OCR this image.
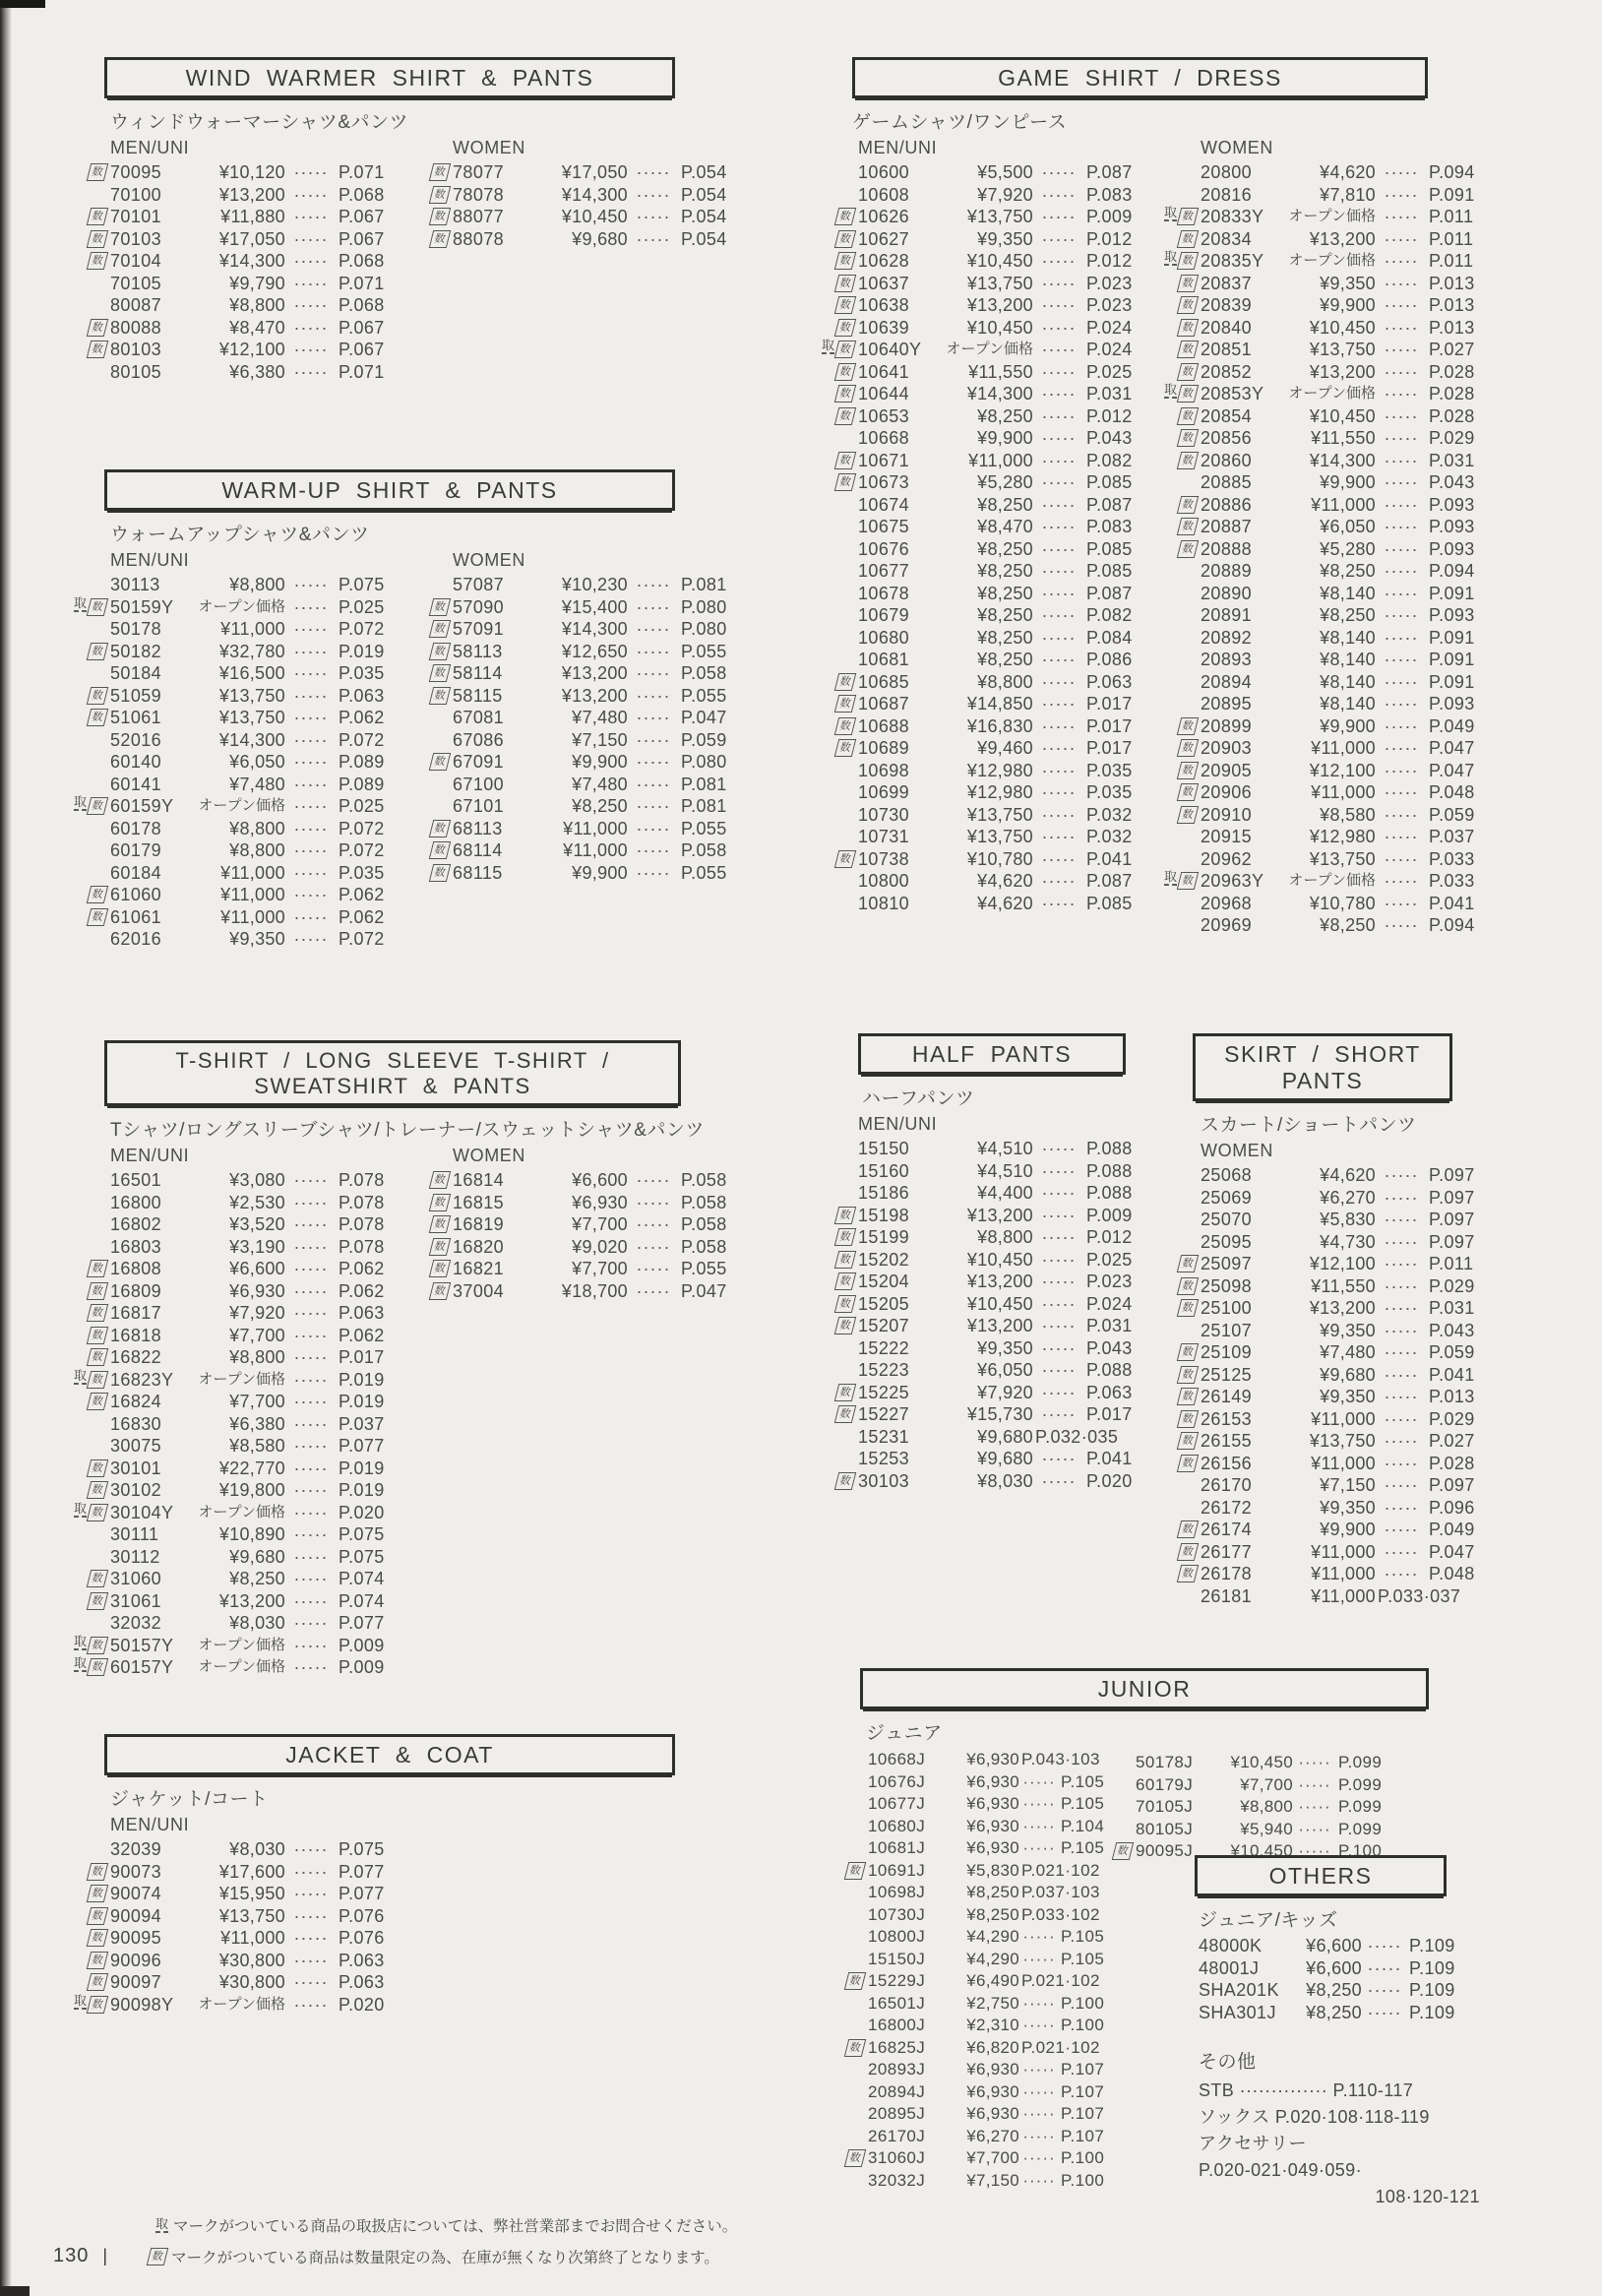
WIND WARMER SHIRT & PANTS
ウィンドウォーマーシャツ&パンツ
MEN/UNI
数 70095	¥10,120 ····· P.071
70100	¥13,200 ····· P.068
数 70101	¥11,880 ····· P.067
数 70103	¥17,050 ····· P.067
数 70104	¥14,300 ····· P.068
70105	¥9,790 ····· P.071
80087	¥8,800 ····· P.068
数 80088	¥8,470 ····· P.067
数 80103	¥12,100 ····· P.067
80105	¥6,380 ····· P.071
WOMEN
数 78077	¥17,050 ····· P.054
数 78078	¥14,300 ····· P.054
数 88077	¥10,450 ····· P.054
数 88078	¥9,680 ····· P.054
WARM-UP SHIRT & PANTS
ウォームアップシャツ&パンツ
MEN/UNI
30113	¥8,800 ····· P.075
取 数 50159Y	オープン価格 ····· P.025
50178	¥11,000 ····· P.072
数 50182	¥32,780 ····· P.019
50184	¥16,500 ····· P.035
数 51059	¥13,750 ····· P.063
数 51061	¥13,750 ····· P.062
52016	¥14,300 ····· P.072
60140	¥6,050 ····· P.089
60141	¥7,480 ····· P.089
取 数 60159Y	オープン価格 ····· P.025
60178	¥8,800 ····· P.072
60179	¥8,800 ····· P.072
60184	¥11,000 ····· P.035
数 61060	¥11,000 ····· P.062
数 61061	¥11,000 ····· P.062
62016	¥9,350 ····· P.072
WOMEN
57087	¥10,230 ····· P.081
数 57090	¥15,400 ····· P.080
数 57091	¥14,300 ····· P.080
数 58113	¥12,650 ····· P.055
数 58114	¥13,200 ····· P.058
数 58115	¥13,200 ····· P.055
67081	¥7,480 ····· P.047
67086	¥7,150 ····· P.059
数 67091	¥9,900 ····· P.080
67100	¥7,480 ····· P.081
67101	¥8,250 ····· P.081
数 68113	¥11,000 ····· P.055
数 68114	¥11,000 ····· P.058
数 68115	¥9,900 ····· P.055
T-SHIRT / LONG SLEEVE T-SHIRT / SWEATSHIRT & PANTS
Tシャツ/ロングスリーブシャツ/トレーナー/スウェットシャツ&パンツ
MEN/UNI
16501	¥3,080 ····· P.078
16800	¥2,530 ····· P.078
16802	¥3,520 ····· P.078
16803	¥3,190 ····· P.078
数 16808	¥6,600 ····· P.062
数 16809	¥6,930 ····· P.062
数 16817	¥7,920 ····· P.063
数 16818	¥7,700 ····· P.062
数 16822	¥8,800 ····· P.017
取 数 16823Y	オープン価格 ····· P.019
数 16824	¥7,700 ····· P.019
16830	¥6,380 ····· P.037
30075	¥8,580 ····· P.077
数 30101	¥22,770 ····· P.019
数 30102	¥19,800 ····· P.019
取 数 30104Y	オープン価格 ····· P.020
30111	¥10,890 ····· P.075
30112	¥9,680 ····· P.075
数 31060	¥8,250 ····· P.074
数 31061	¥13,200 ····· P.074
32032	¥8,030 ····· P.077
取 数 50157Y	オープン価格 ····· P.009
取 数 60157Y	オープン価格 ····· P.009
WOMEN
数 16814	¥6,600 ····· P.058
数 16815	¥6,930 ····· P.058
数 16819	¥7,700 ····· P.058
数 16820	¥9,020 ····· P.058
数 16821	¥7,700 ····· P.055
数 37004	¥18,700 ····· P.047
JACKET & COAT
ジャケット/コート
MEN/UNI
32039	¥8,030 ····· P.075
数 90073	¥17,600 ····· P.077
数 90074	¥15,950 ····· P.077
数 90094	¥13,750 ····· P.076
数 90095	¥11,000 ····· P.076
数 90096	¥30,800 ····· P.063
数 90097	¥30,800 ····· P.063
取 数 90098Y	オープン価格 ····· P.020
GAME SHIRT / DRESS
ゲームシャツ/ワンピース
MEN/UNI
10600	¥5,500 ····· P.087
10608	¥7,920 ····· P.083
数 10626	¥13,750 ····· P.009
数 10627	¥9,350 ····· P.012
数 10628	¥10,450 ····· P.012
数 10637	¥13,750 ····· P.023
数 10638	¥13,200 ····· P.023
数 10639	¥10,450 ····· P.024
取 数 10640Y	オープン価格 ····· P.024
数 10641	¥11,550 ····· P.025
数 10644	¥14,300 ····· P.031
数 10653	¥8,250 ····· P.012
10668	¥9,900 ····· P.043
数 10671	¥11,000 ····· P.082
数 10673	¥5,280 ····· P.085
10674	¥8,250 ····· P.087
10675	¥8,470 ····· P.083
10676	¥8,250 ····· P.085
10677	¥8,250 ····· P.085
10678	¥8,250 ····· P.087
10679	¥8,250 ····· P.082
10680	¥8,250 ····· P.084
10681	¥8,250 ····· P.086
数 10685	¥8,800 ····· P.063
数 10687	¥14,850 ····· P.017
数 10688	¥16,830 ····· P.017
数 10689	¥9,460 ····· P.017
10698	¥12,980 ····· P.035
10699	¥12,980 ····· P.035
10730	¥13,750 ····· P.032
10731	¥13,750 ····· P.032
数 10738	¥10,780 ····· P.041
10800	¥4,620 ····· P.087
10810	¥4,620 ····· P.085
WOMEN
20800	¥4,620 ····· P.094
20816	¥7,810 ····· P.091
取 数 20833Y	オープン価格 ····· P.011
数 20834	¥13,200 ····· P.011
取 数 20835Y	オープン価格 ····· P.011
数 20837	¥9,350 ····· P.013
数 20839	¥9,900 ····· P.013
数 20840	¥10,450 ····· P.013
数 20851	¥13,750 ····· P.027
数 20852	¥13,200 ····· P.028
取 数 20853Y	オープン価格 ····· P.028
数 20854	¥10,450 ····· P.028
数 20856	¥11,550 ····· P.029
数 20860	¥14,300 ····· P.031
20885	¥9,900 ····· P.043
数 20886	¥11,000 ····· P.093
数 20887	¥6,050 ····· P.093
数 20888	¥5,280 ····· P.093
20889	¥8,250 ····· P.094
20890	¥8,140 ····· P.091
20891	¥8,250 ····· P.093
20892	¥8,140 ····· P.091
20893	¥8,140 ····· P.091
20894	¥8,140 ····· P.091
20895	¥8,140 ····· P.093
数 20899	¥9,900 ····· P.049
数 20903	¥11,000 ····· P.047
数 20905	¥12,100 ····· P.047
数 20906	¥11,000 ····· P.048
数 20910	¥8,580 ····· P.059
20915	¥12,980 ····· P.037
20962	¥13,750 ····· P.033
取 数 20963Y	オープン価格 ····· P.033
20968	¥10,780 ····· P.041
20969	¥8,250 ····· P.094
HALF PANTS
ハーフパンツ
MEN/UNI
15150	¥4,510 ····· P.088
15160	¥4,510 ····· P.088
15186	¥4,400 ····· P.088
数 15198	¥13,200 ····· P.009
数 15199	¥8,800 ····· P.012
数 15202	¥10,450 ····· P.025
数 15204	¥13,200 ····· P.023
数 15205	¥10,450 ····· P.024
数 15207	¥13,200 ····· P.031
15222	¥9,350 ····· P.043
15223	¥6,050 ····· P.088
数 15225	¥7,920 ····· P.063
数 15227	¥15,730 ····· P.017
15231	¥9,680 P.032·035
15253	¥9,680 ····· P.041
数 30103	¥8,030 ····· P.020
SKIRT / SHORT PANTS
スカート/ショートパンツ
WOMEN
25068	¥4,620 ····· P.097
25069	¥6,270 ····· P.097
25070	¥5,830 ····· P.097
25095	¥4,730 ····· P.097
数 25097	¥12,100 ····· P.011
数 25098	¥11,550 ····· P.029
数 25100	¥13,200 ····· P.031
25107	¥9,350 ····· P.043
数 25109	¥7,480 ····· P.059
数 25125	¥9,680 ····· P.041
数 26149	¥9,350 ····· P.013
数 26153	¥11,000 ····· P.029
数 26155	¥13,750 ····· P.027
数 26156	¥11,000 ····· P.028
26170	¥7,150 ····· P.097
26172	¥9,350 ····· P.096
数 26174	¥9,900 ····· P.049
数 26177	¥11,000 ····· P.047
数 26178	¥11,000 ····· P.048
26181	¥11,000 P.033·037
JUNIOR
ジュニア
10668J	¥6,930 P.043·103
10676J	¥6,930 ····· P.105
10677J	¥6,930 ····· P.105
10680J	¥6,930 ····· P.104
10681J	¥6,930 ····· P.105
数 10691J	¥5,830 P.021·102
10698J	¥8,250 P.037·103
10730J	¥8,250 P.033·102
10800J	¥4,290 ····· P.105
15150J	¥4,290 ····· P.105
数 15229J	¥6,490 P.021·102
16501J	¥2,750 ····· P.100
16800J	¥2,310 ····· P.100
数 16825J	¥6,820 P.021·102
20893J	¥6,930 ····· P.107
20894J	¥6,930 ····· P.107
20895J	¥6,930 ····· P.107
26170J	¥6,270 ····· P.107
数 31060J	¥7,700 ····· P.100
32032J	¥7,150 ····· P.100
50178J	¥10,450 ····· P.099
60179J	¥7,700 ····· P.099
70105J	¥8,800 ····· P.099
80105J	¥5,940 ····· P.099
数 90095J	¥10,450 ····· P.100
OTHERS
ジュニア/キッズ
48000K	¥6,600 ····· P.109
48001J	¥6,600 ····· P.109
SHA201K	¥8,250 ····· P.109
SHA301J	¥8,250 ····· P.109
その他
STB ·············· P.110-117
ソックス P.020·108·118-119
アクセサリー
P.020-021·049·059·
108·120-121
取 マークがついている商品の取扱店については、弊社営業部までお問合せください。
130 |	数 マークがついている商品は数量限定の為、在庫が無くなり次第終了となります。
